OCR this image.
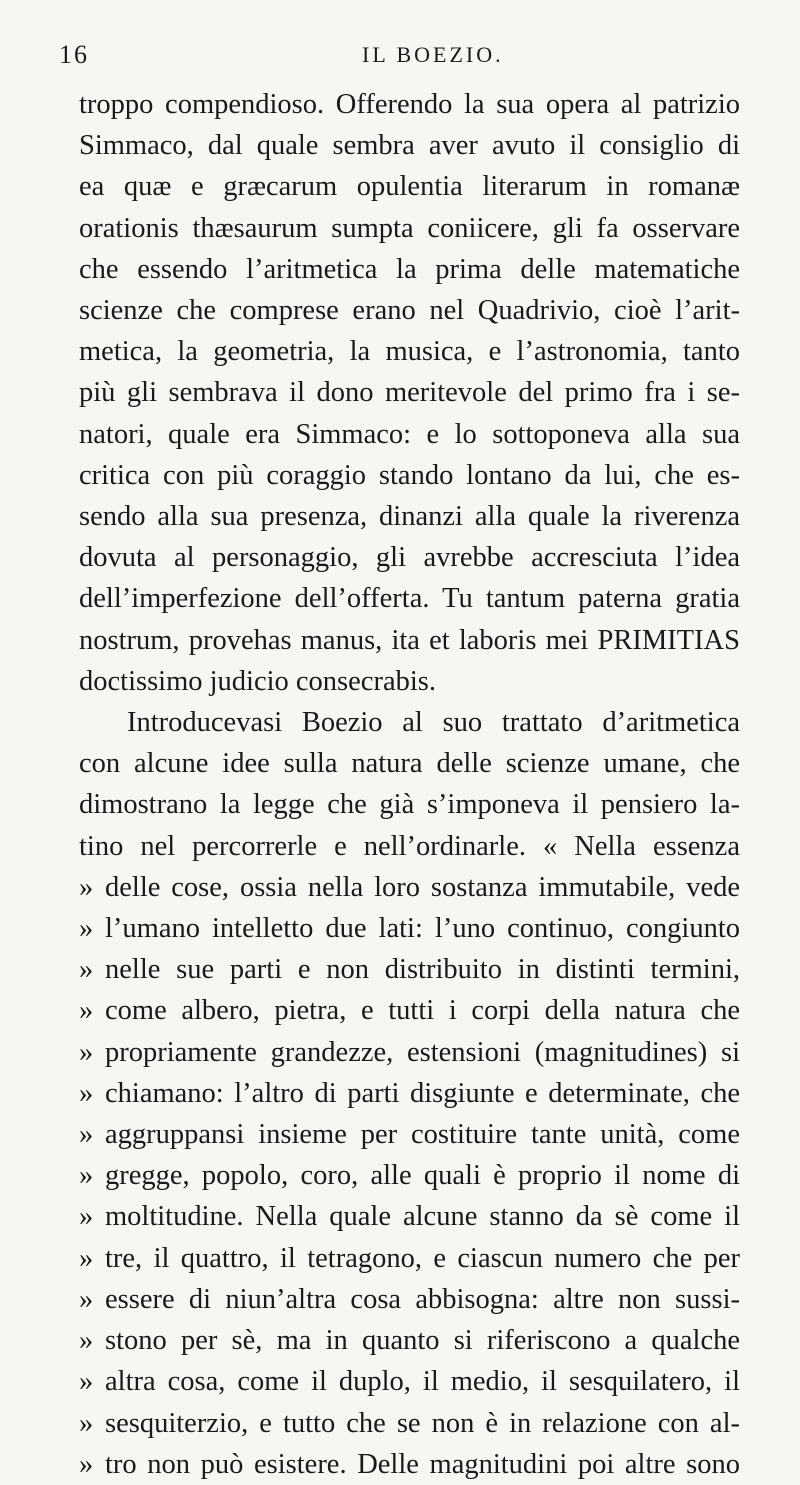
16	IL BOEZIO.
troppo compendioso. Offerendo la sua opera al patrizio
Simmaco, dal quale sembra aver avuto il consiglio di
ea quæ e græcarum opulentia literarum in romanæ
orationis thæsaurum sumpta coniicere, gli fa osservare
che essendo l’aritmetica la prima delle matematiche
scienze che comprese erano nel Quadrivio, cioè l’arit-
metica, la geometria, la musica, e l’astronomia, tanto
più gli sembrava il dono meritevole del primo fra i se-
natori, quale era Simmaco: e lo sottoponeva alla sua
critica con più coraggio stando lontano da lui, che es-
sendo alla sua presenza, dinanzi alla quale la riverenza
dovuta al personaggio, gli avrebbe accresciuta l’idea
dell’imperfezione dell’offerta. Tu tantum paterna gratia
nostrum, provehas manus, ita et laboris mei PRIMITIAS
doctissimo judicio consecrabis.
Introducevasi Boezio al suo trattato d’aritmetica
con alcune idee sulla natura delle scienze umane, che
dimostrano la legge che già s’imponeva il pensiero la-
tino nel percorrerle e nell’ordinarle. « Nella essenza
» delle cose, ossia nella loro sostanza immutabile, vede
» l’umano intelletto due lati: l’uno continuo, congiunto
» nelle sue parti e non distribuito in distinti termini,
» come albero, pietra, e tutti i corpi della natura che
» propriamente grandezze, estensioni (magnitudines) si
» chiamano: l’altro di parti disgiunte e determinate, che
» aggruppansi insieme per costituire tante unità, come
» gregge, popolo, coro, alle quali è proprio il nome di
» moltitudine. Nella quale alcune stanno da sè come il
» tre, il quattro, il tetragono, e ciascun numero che per
» essere di niun’altra cosa abbisogna: altre non sussi-
» stono per sè, ma in quanto si riferiscono a qualche
» altra cosa, come il duplo, il medio, il sesquilatero, il
» sesquiterzio, e tutto che se non è in relazione con al-
» tro non può esistere. Delle magnitudini poi altre sono
